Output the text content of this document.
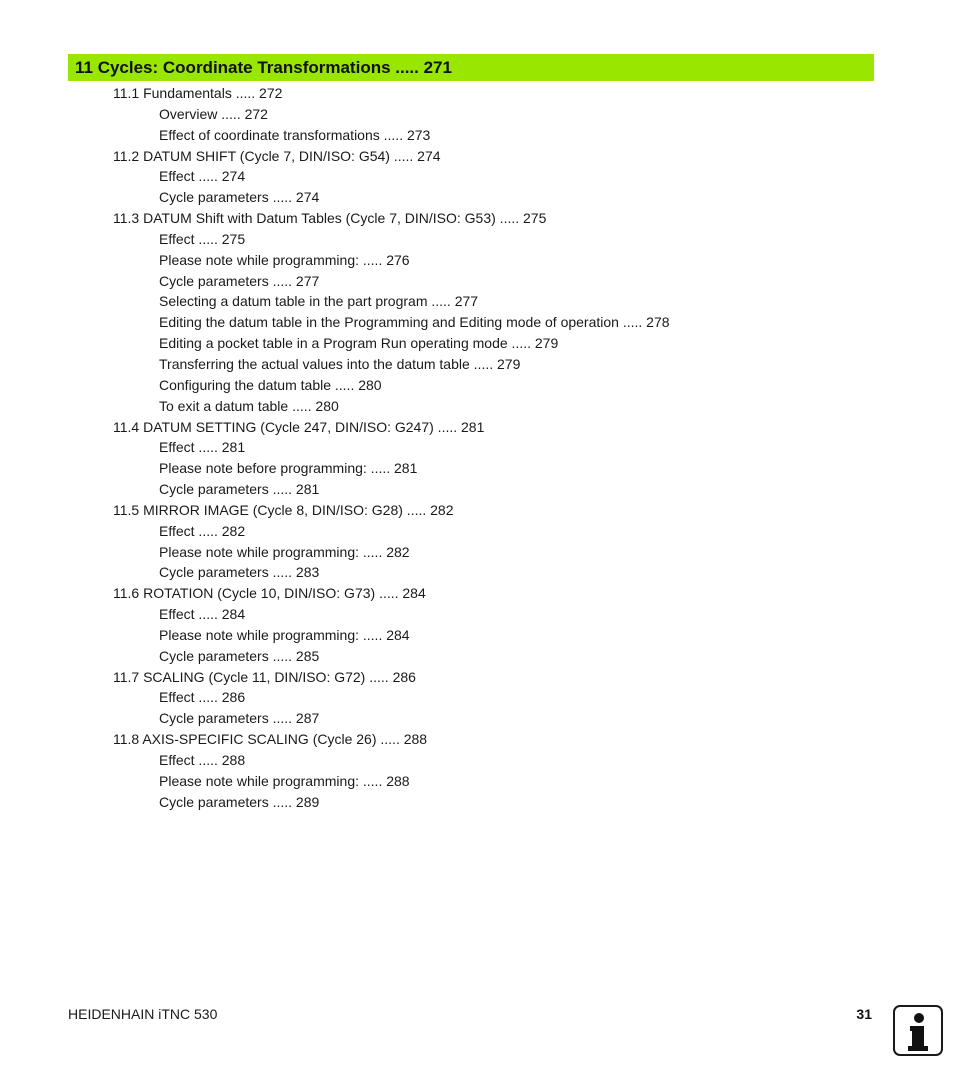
11 Cycles: Coordinate Transformations ..... 271
11.1 Fundamentals ..... 272
Overview ..... 272
Effect of coordinate transformations ..... 273
11.2 DATUM SHIFT (Cycle 7, DIN/ISO: G54) ..... 274
Effect ..... 274
Cycle parameters ..... 274
11.3 DATUM Shift with Datum Tables (Cycle 7, DIN/ISO: G53) ..... 275
Effect ..... 275
Please note while programming: ..... 276
Cycle parameters ..... 277
Selecting a datum table in the part program ..... 277
Editing the datum table in the Programming and Editing mode of operation ..... 278
Editing a pocket table in a Program Run operating mode ..... 279
Transferring the actual values into the datum table ..... 279
Configuring the datum table ..... 280
To exit a datum table ..... 280
11.4 DATUM SETTING (Cycle 247, DIN/ISO: G247) ..... 281
Effect ..... 281
Please note before programming: ..... 281
Cycle parameters ..... 281
11.5 MIRROR IMAGE (Cycle 8, DIN/ISO: G28) ..... 282
Effect ..... 282
Please note while programming: ..... 282
Cycle parameters ..... 283
11.6 ROTATION (Cycle 10, DIN/ISO: G73) ..... 284
Effect ..... 284
Please note while programming: ..... 284
Cycle parameters ..... 285
11.7 SCALING (Cycle 11, DIN/ISO: G72) ..... 286
Effect ..... 286
Cycle parameters ..... 287
11.8 AXIS-SPECIFIC SCALING (Cycle 26) ..... 288
Effect ..... 288
Please note while programming: ..... 288
Cycle parameters ..... 289
HEIDENHAIN iTNC 530	31
